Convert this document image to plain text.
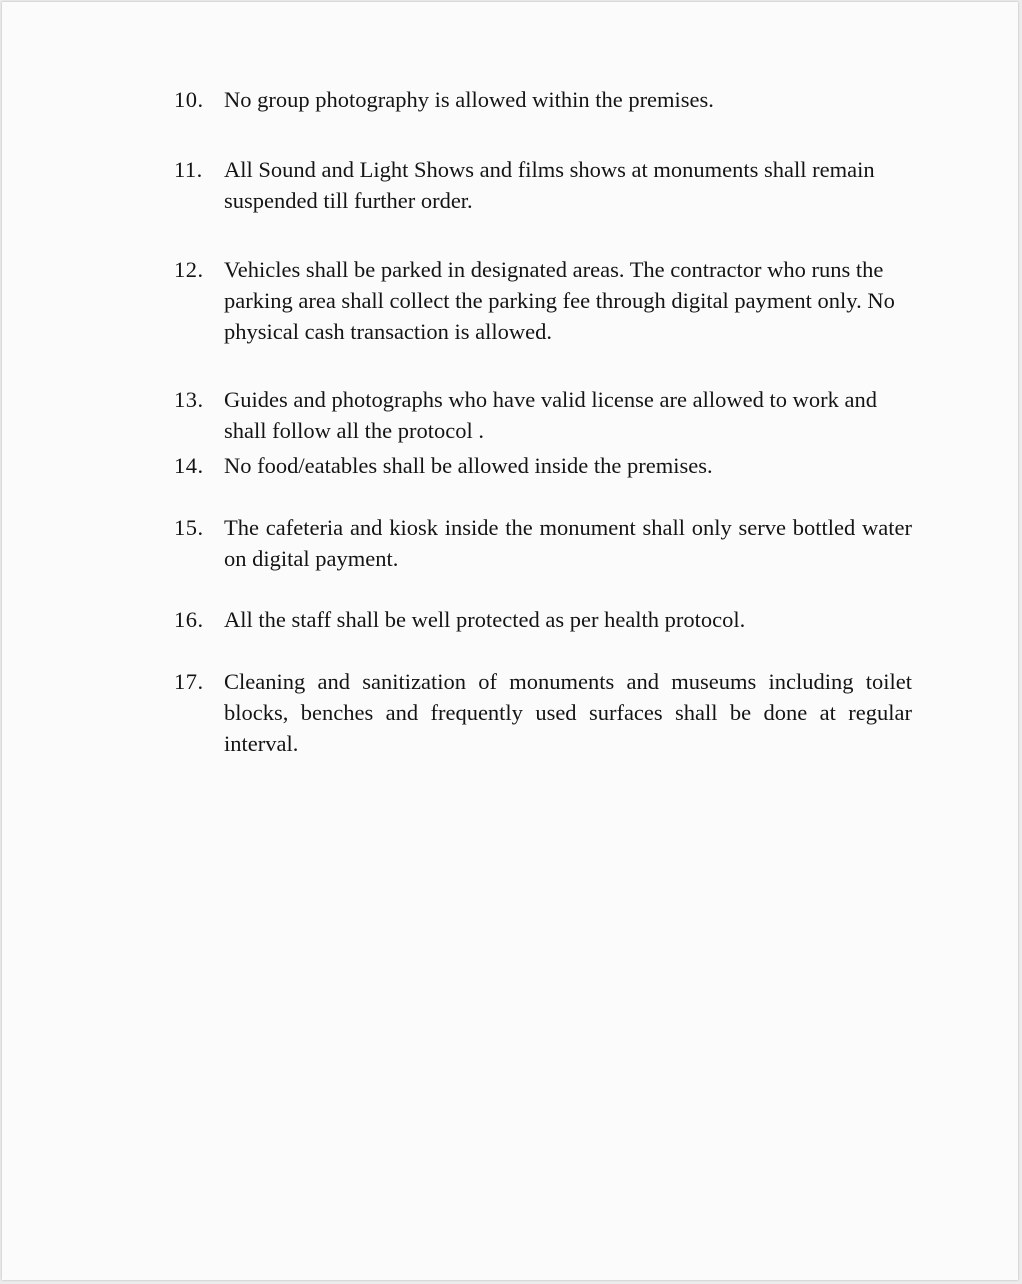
10. No group photography is allowed within the premises.
11. All Sound and Light Shows and films shows at monuments shall remain suspended till further order.
12. Vehicles shall be parked in designated areas. The contractor who runs the parking area shall collect the parking fee through digital payment only. No physical cash transaction is allowed.
13. Guides and photographs who have valid license are allowed to work and shall follow all the protocol .
14. No food/eatables shall be allowed inside the premises.
15. The cafeteria and kiosk inside the monument shall only serve bottled water on digital payment.
16. All the staff shall be well protected as per health protocol.
17. Cleaning and sanitization of monuments and museums including toilet blocks, benches and frequently used surfaces shall be done at regular interval.
